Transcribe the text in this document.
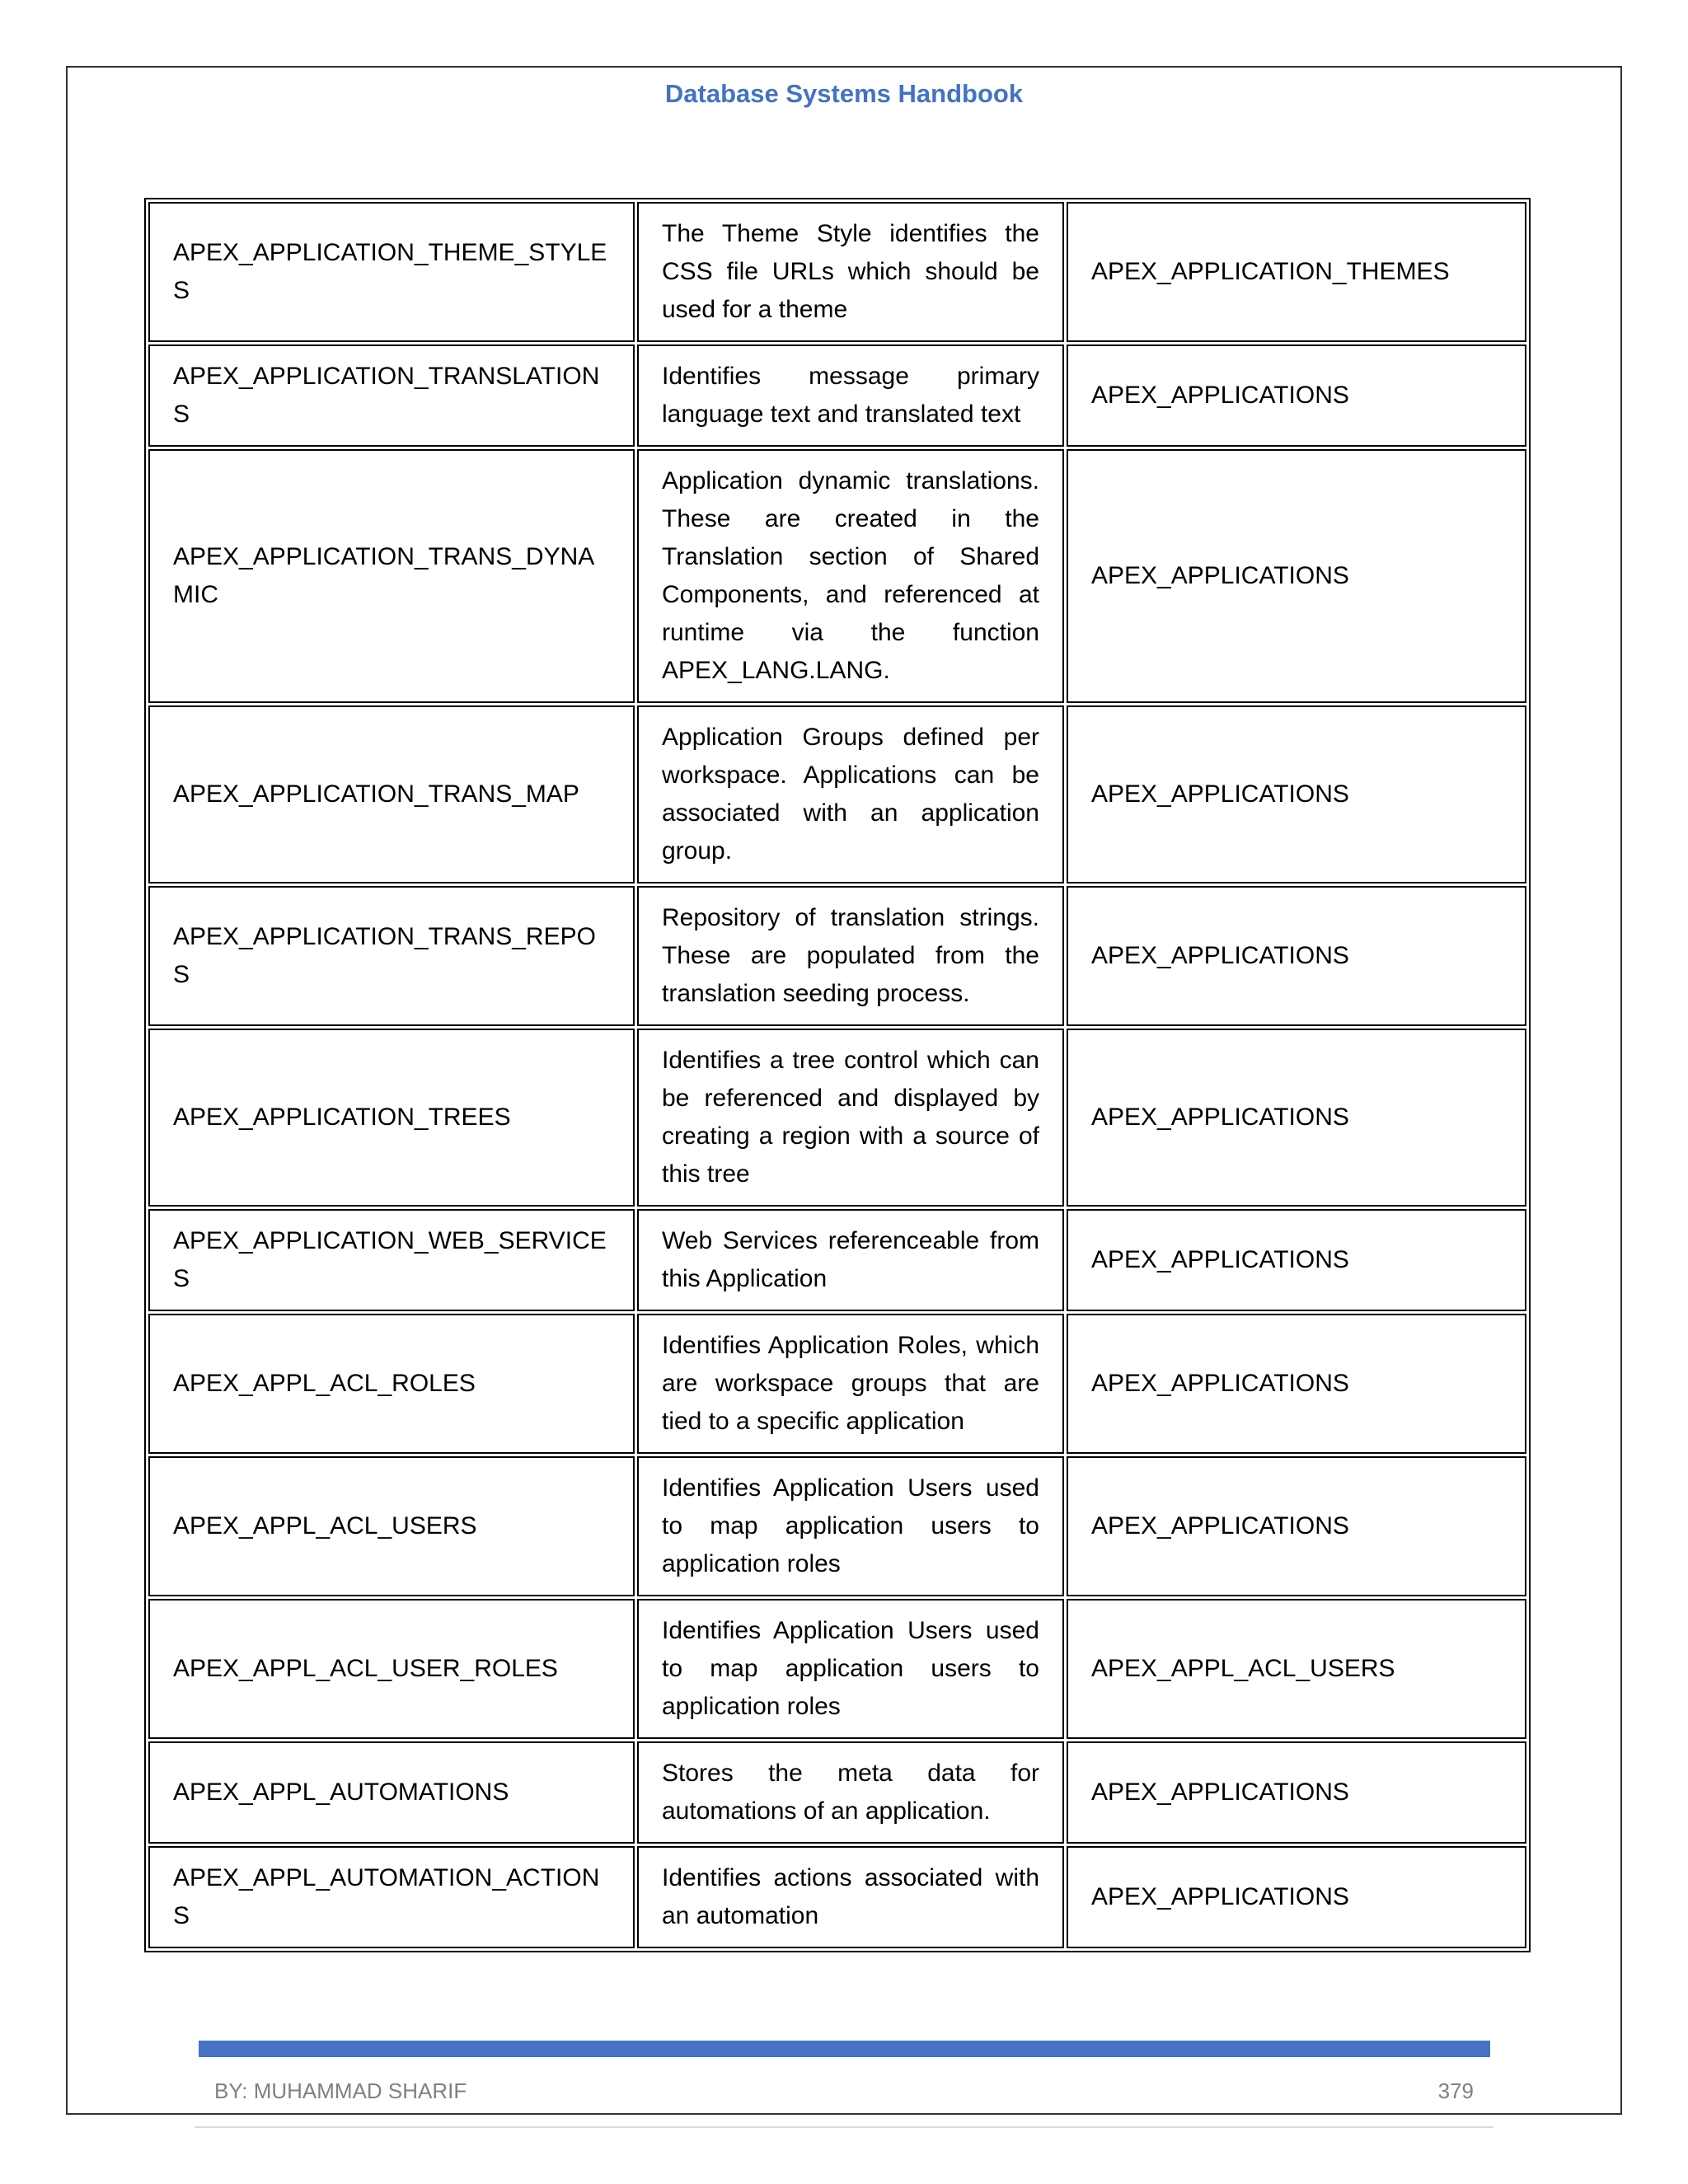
Database Systems Handbook
APEX_APPLICATION_THEME_STYLES	The Theme Style identifies the CSS file URLs which should be used for a theme	APEX_APPLICATION_THEMES
APEX_APPLICATION_TRANSLATIONS	Identifies message primary language text and translated text	APEX_APPLICATIONS
APEX_APPLICATION_TRANS_DYNAMIC	Application dynamic translations. These are created in the Translation section of Shared Components, and referenced at runtime via the function APEX_LANG.LANG.	APEX_APPLICATIONS
APEX_APPLICATION_TRANS_MAP	Application Groups defined per workspace. Applications can be associated with an application group.	APEX_APPLICATIONS
APEX_APPLICATION_TRANS_REPOS	Repository of translation strings. These are populated from the translation seeding process.	APEX_APPLICATIONS
APEX_APPLICATION_TREES	Identifies a tree control which can be referenced and displayed by creating a region with a source of this tree	APEX_APPLICATIONS
APEX_APPLICATION_WEB_SERVICES	Web Services referenceable from this Application	APEX_APPLICATIONS
APEX_APPL_ACL_ROLES	Identifies Application Roles, which are workspace groups that are tied to a specific application	APEX_APPLICATIONS
APEX_APPL_ACL_USERS	Identifies Application Users used to map application users to application roles	APEX_APPLICATIONS
APEX_APPL_ACL_USER_ROLES	Identifies Application Users used to map application users to application roles	APEX_APPL_ACL_USERS
APEX_APPL_AUTOMATIONS	Stores the meta data for automations of an application.	APEX_APPLICATIONS
APEX_APPL_AUTOMATION_ACTIONS	Identifies actions associated with an automation	APEX_APPLICATIONS
BY: MUHAMMAD SHARIF	379
